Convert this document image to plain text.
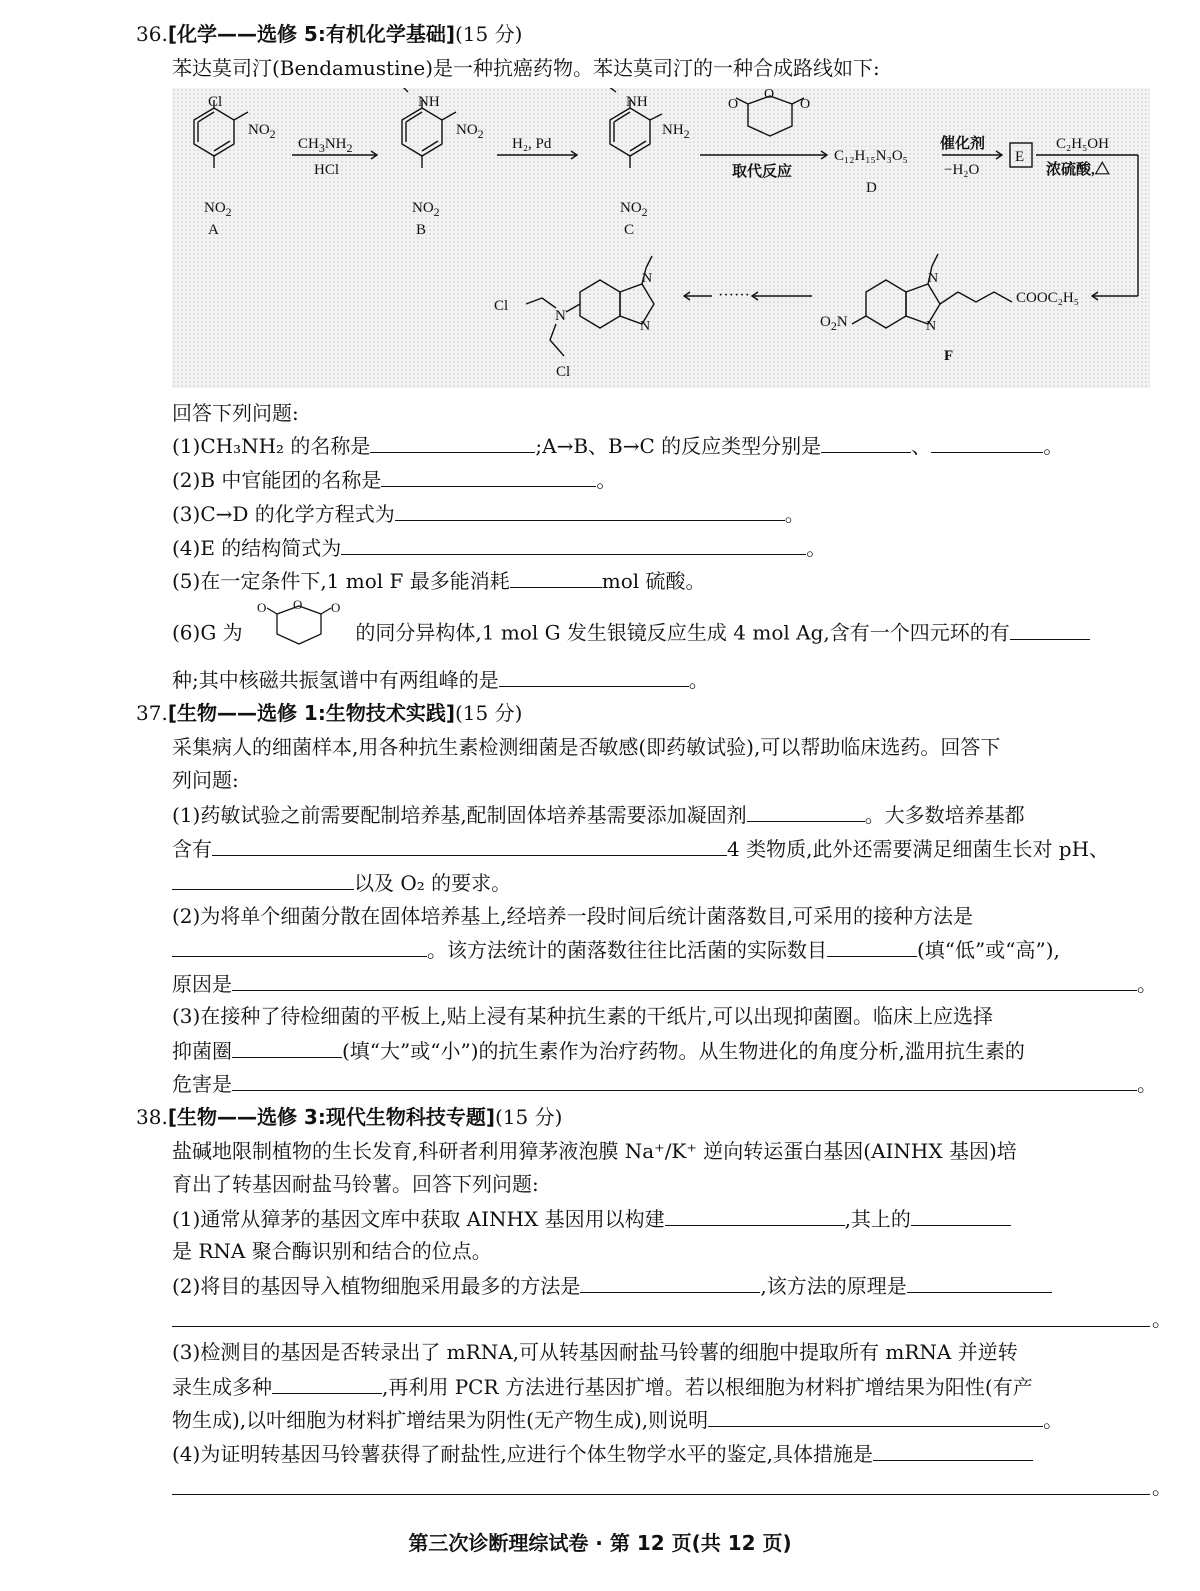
36.[化学——选修 5:有机化学基础](15 分)
苯达莫司汀(Bendamustine)是一种抗癌药物。苯达莫司汀的一种合成路线如下:
Cl
$NO_2$
$NO_2$
A
$CH_3NH_2$
HCl
NH
$NO_2$
$NO_2$
B
H₂, Pd
NH
$NH_2$
$NO_2$
C
O
O
O
取代反应
C₁₂H₁₅N₃O₅
D
催化剂
−H₂O
E
C₂H₅OH
浓硫酸,△
COOC₂H₅
$O_2N$
N
N
F
······
N
N
N
Cl
Cl
回答下列问题:
(1)CH₃NH₂ 的名称是	;A→B、B→C 的反应类型分别是	、	。
(2)B 中官能团的名称是	。
(3)C→D 的化学方程式为	。
(4)E 的结构简式为	。
(5)在一定条件下,1 mol F 最多能消耗	mol 硫酸。
(6)G 为
O O O
的同分异构体,1 mol G 发生银镜反应生成 4 mol Ag,含有一个四元环的有
种;其中核磁共振氢谱中有两组峰的是	。
37.[生物——选修 1:生物技术实践](15 分)
采集病人的细菌样本,用各种抗生素检测细菌是否敏感(即药敏试验),可以帮助临床选药。回答下
列问题:
(1)药敏试验之前需要配制培养基,配制固体培养基需要添加凝固剂	。大多数培养基都
含有	4 类物质,此外还需要满足细菌生长对 pH、
以及 O₂ 的要求。
(2)为将单个细菌分散在固体培养基上,经培养一段时间后统计菌落数目,可采用的接种方法是
。该方法统计的菌落数往往比活菌的实际数目	(填“低”或“高”),
原因是	。
(3)在接种了待检细菌的平板上,贴上浸有某种抗生素的干纸片,可以出现抑菌圈。临床上应选择
抑菌圈	(填“大”或“小”)的抗生素作为治疗药物。从生物进化的角度分析,滥用抗生素的
危害是	。
38.[生物——选修 3:现代生物科技专题](15 分)
盐碱地限制植物的生长发育,科研者利用獐茅液泡膜 Na⁺/K⁺ 逆向转运蛋白基因(AINHX 基因)培
育出了转基因耐盐马铃薯。回答下列问题:
(1)通常从獐茅的基因文库中获取 AINHX 基因用以构建	,其上的
是 RNA 聚合酶识别和结合的位点。
(2)将目的基因导入植物细胞采用最多的方法是	,该方法的原理是
。
(3)检测目的基因是否转录出了 mRNA,可从转基因耐盐马铃薯的细胞中提取所有 mRNA 并逆转
录生成多种	,再利用 PCR 方法进行基因扩增。若以根细胞为材料扩增结果为阳性(有产
物生成),以叶细胞为材料扩增结果为阴性(无产物生成),则说明	。
(4)为证明转基因马铃薯获得了耐盐性,应进行个体生物学水平的鉴定,具体措施是
。
第三次诊断理综试卷 · 第 12 页(共 12 页)
